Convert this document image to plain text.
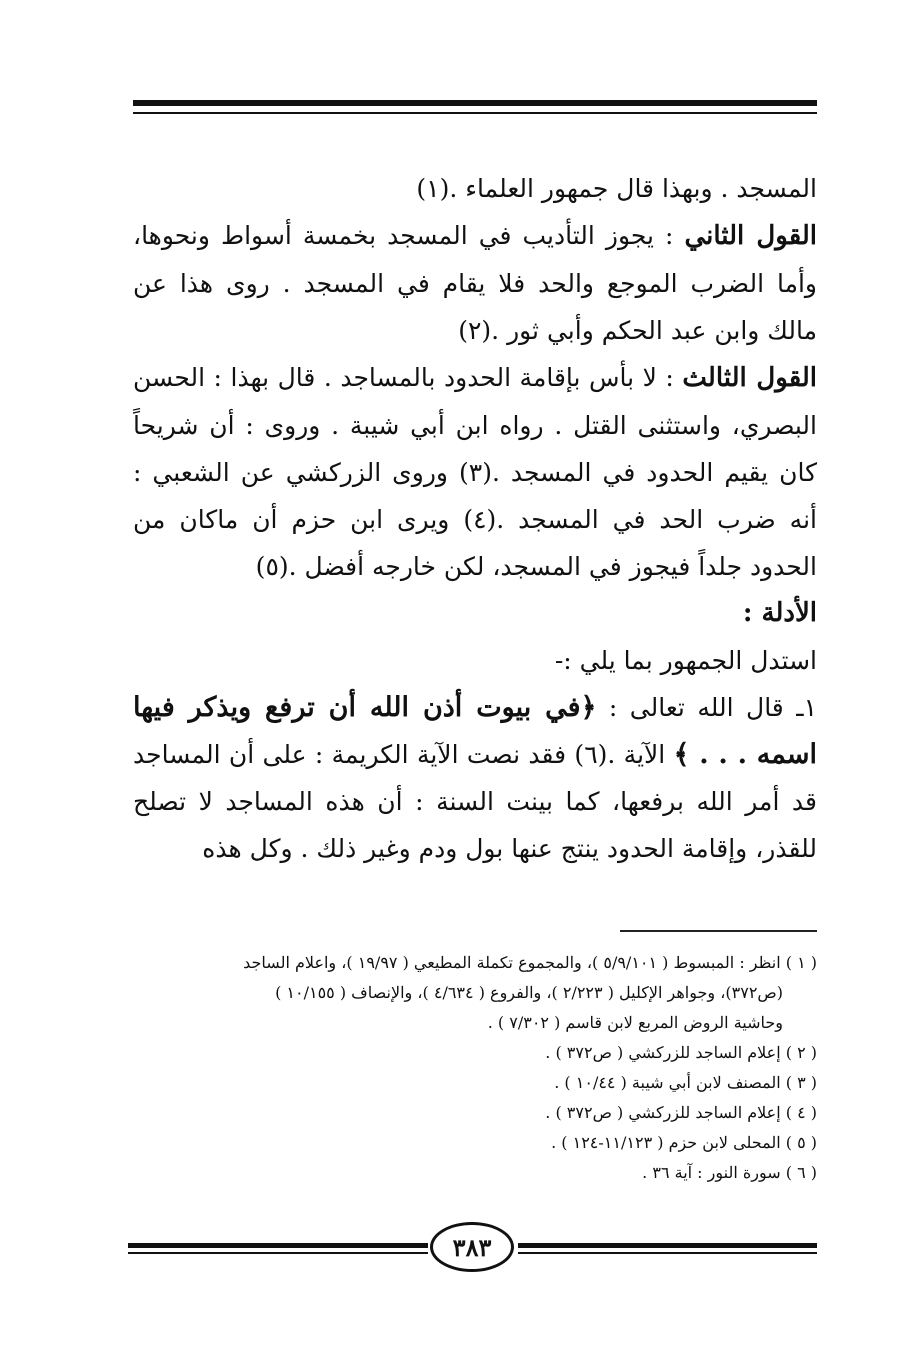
المسجد . وبهذا قال جمهور العلماء .(١)

القول الثاني : يجوز التأديب في المسجد بخمسة أسواط ونحوها، وأما الضرب الموجع والحد فلا يقام في المسجد . روى هذا عن مالك وابن عبد الحكم وأبي ثور .(٢)

القول الثالث : لا بأس بإقامة الحدود بالمساجد . قال بهذا : الحسن البصري، واستثنى القتل . رواه ابن أبي شيبة . وروى : أن شريحاً كان يقيم الحدود في المسجد .(٣) وروى الزركشي عن الشعبي : أنه ضرب الحد في المسجد .(٤) ويرى ابن حزم أن ماكان من الحدود جلداً فيجوز في المسجد، لكن خارجه أفضل .(٥)

الأدلة :

استدل الجمهور بما يلي :-

١ـ قال الله تعالى : ﴿في بيوت أذن الله أن ترفع ويذكر فيها اسمه . . . ﴾ الآية .(٦) فقد نصت الآية الكريمة : على أن المساجد قد أمر الله برفعها، كما بينت السنة : أن هذه المساجد لا تصلح للقذر، وإقامة الحدود ينتج عنها بول ودم وغير ذلك . وكل هذه

( ١ ) انظر : المبسوط ( ٥/٩/١٠١ )، والمجموع تكملة المطيعي ( ١٩/٩٧ )، واعلام الساجد

(ص٣٧٢)، وجواهر الإكليل ( ٢/٢٢٣ )، والفروع ( ٤/٦٣٤ )، والإنصاف ( ١٠/١٥٥ )

وحاشية الروض المربع لابن قاسم ( ٧/٣٠٢ ) .

( ٢ ) إعلام الساجد للزركشي ( ص٣٧٢ ) .

( ٣ ) المصنف لابن أبي شيبة ( ١٠/٤٤ ) .

( ٤ ) إعلام الساجد للزركشي ( ص٣٧٢ ) .

( ٥ ) المحلى لابن حزم ( ١١/١٢٣-١٢٤ ) .

( ٦ ) سورة النور : آية ٣٦ .

٣٨٣
